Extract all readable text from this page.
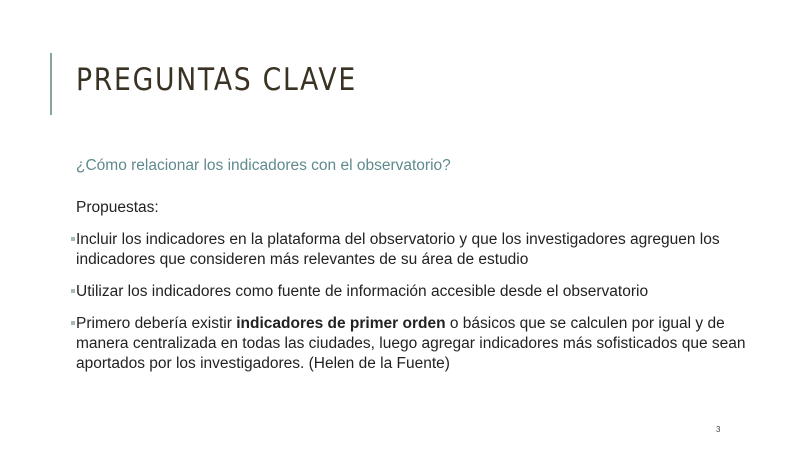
PREGUNTAS CLAVE

¿Cómo relacionar los indicadores con el observatorio?

Propuestas:

Incluir los indicadores en la plataforma del observatorio y que los investigadores agreguen los indicadores que consideren más relevantes de su área de estudio
Utilizar los indicadores como fuente de información accesible desde el observatorio
Primero debería existir indicadores de primer orden o básicos que se calculen por igual y de manera centralizada en todas las ciudades, luego agregar indicadores más sofisticados que sean aportados por los investigadores. (Helen de la Fuente)
3
